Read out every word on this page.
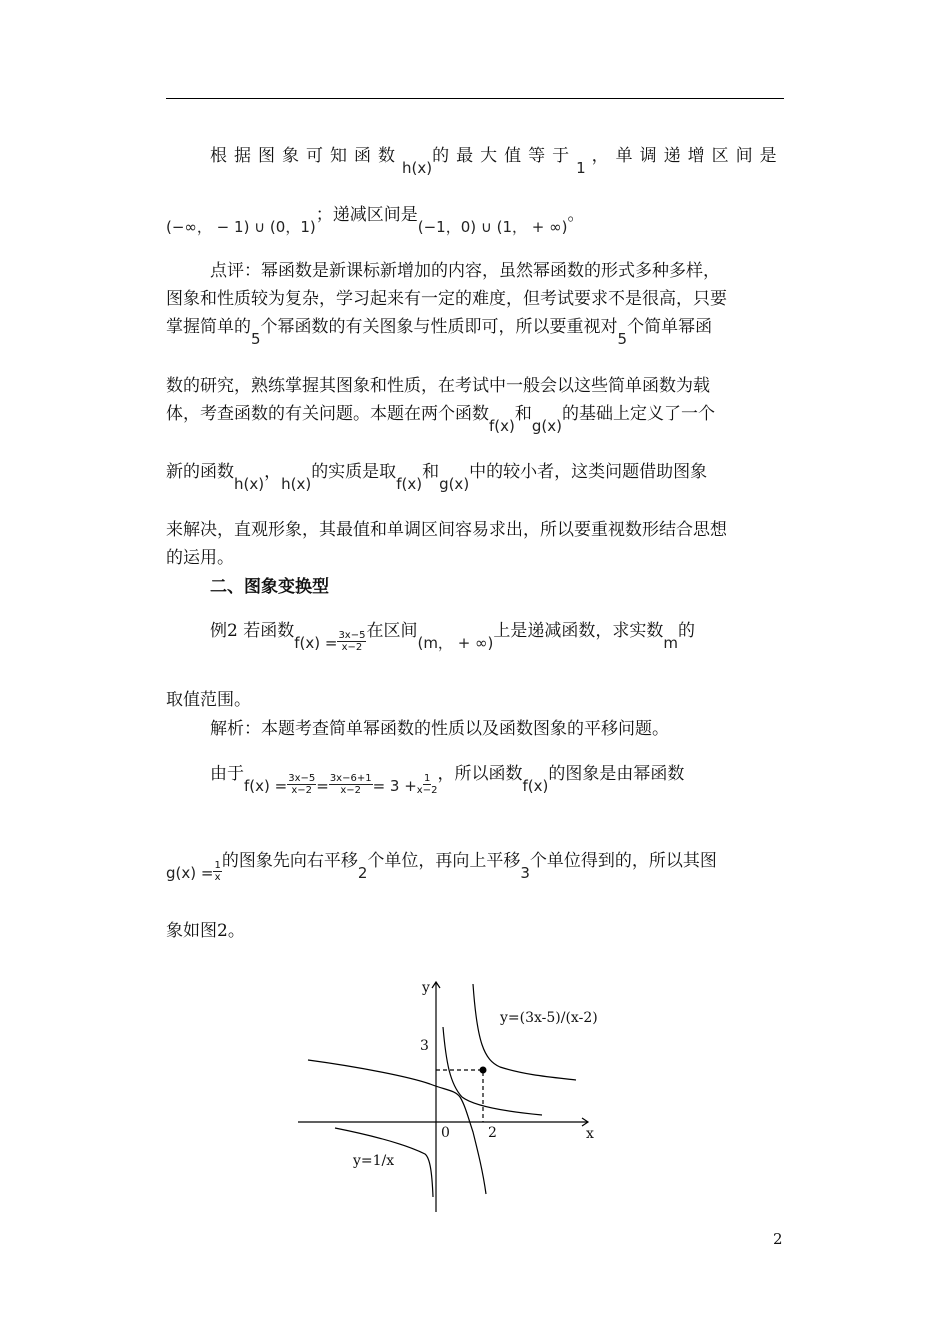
根据图象可知函数h(x)的最大值等于1，单调递增区间是
(−∞， − 1) ∪ (0，1)；递减区间是(−1，0) ∪ (1， + ∞)。
点评：幂函数是新课标新增加的内容，虽然幂函数的形式多种多样，
图象和性质较为复杂，学习起来有一定的难度，但考试要求不是很高，只要
掌握简单的5个幂函数的有关图象与性质即可，所以要重视对5个简单幂函
数的研究，熟练掌握其图象和性质，在考试中一般会以这些简单函数为载
体，考查函数的有关问题。本题在两个函数f(x)和g(x)的基础上定义了一个
新的函数h(x)，h(x)的实质是取f(x)和g(x)中的较小者，这类问题借助图象
来解决，直观形象，其最值和单调区间容易求出，所以要重视数形结合思想
的运用。
二、图象变换型
例2 若函数$f(x) = \frac{3x-5}{x-2}$ 在区间(m， + ∞)上是递减函数，求实数m的
取值范围。
解析：本题考查简单幂函数的性质以及函数图象的平移问题。
由于$f(x) = \frac{3x-5}{x-2} = \frac{3x-6+1}{x-2} = 3 + \frac{1}{x-2}$ ，所以函数f(x)的图象是由幂函数
$g(x) = \frac{1}{x}$ 的图象先向右平移2个单位，再向上平移3个单位得到的，所以其图
象如图2。
y
x
0	2
3
y=(3x-5)/(x-2)
y=1/x
2
